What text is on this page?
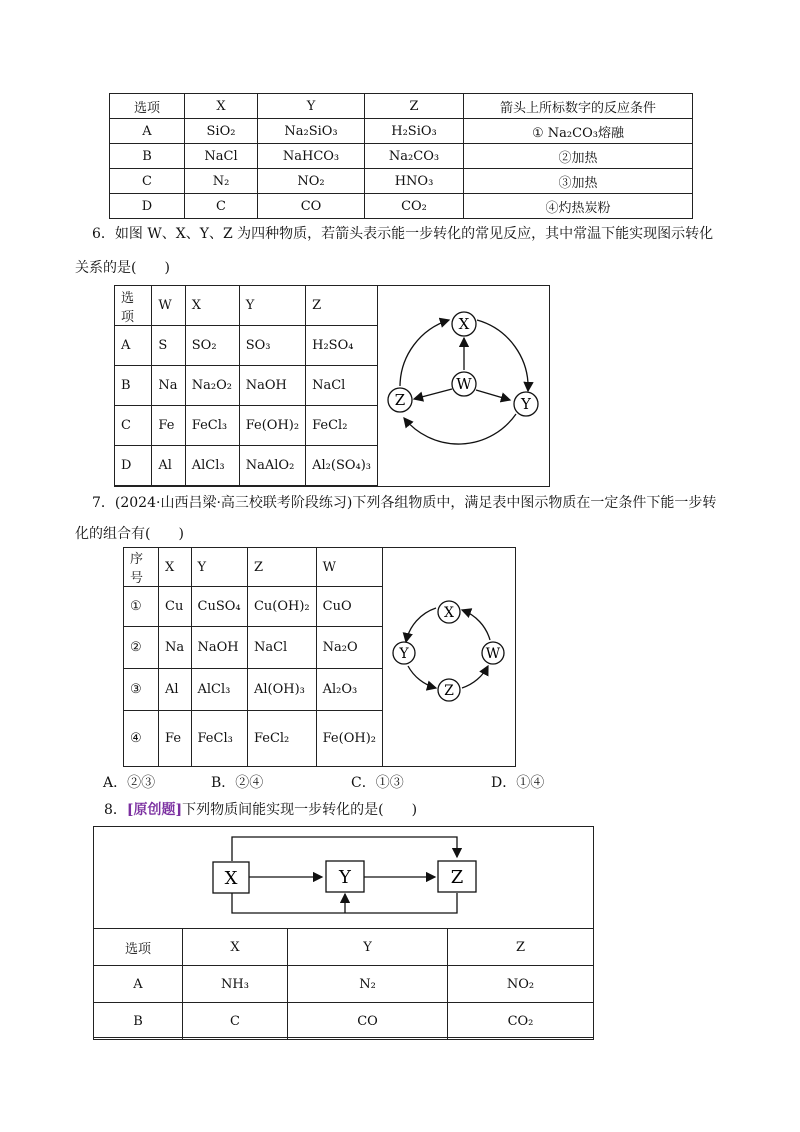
选项	X	Y	Z	箭头上所标数字的反应条件
A	SiO₂	Na₂SiO₃	H₂SiO₃	① Na₂CO₃熔融
B	NaCl	NaHCO₃	Na₂CO₃	②加热
C	N₂	NO₂	HNO₃	③加热
D	C	CO	CO₂	④灼热炭粉
6．如图 W、X、Y、Z 为四种物质，若箭头表示能一步转化的常见反应，其中常温下能实现图示转化
关系的是(　　)
选项	W	X	Y	Z
A	S	SO₂	SO₃	H₂SO₄
B	Na	Na₂O₂	NaOH	NaCl
C	Fe	FeCl₃	Fe(OH)₂	FeCl₂
D	Al	AlCl₃	NaAlO₂	Al₂(SO₄)₃
X
W
Y
Z
7．(2024·山西吕梁·高三校联考阶段练习)下列各组物质中，满足表中图示物质在一定条件下能一步转
化的组合有(　　)
序号	X	Y	Z	W
①	Cu	CuSO₄	Cu(OH)₂	CuO
②	Na	NaOH	NaCl	Na₂O
③	Al	AlCl₃	Al(OH)₃	Al₂O₃
④	Fe	FeCl₃	FeCl₂	Fe(OH)₂
X
Y	W
Z
A．②③	B．②④	C．①③	D．①④
8．[原创题]下列物质间能实现一步转化的是(　　)
X	Y	Z
选项	X	Y	Z
A	NH₃	N₂	NO₂
B	C	CO	CO₂
